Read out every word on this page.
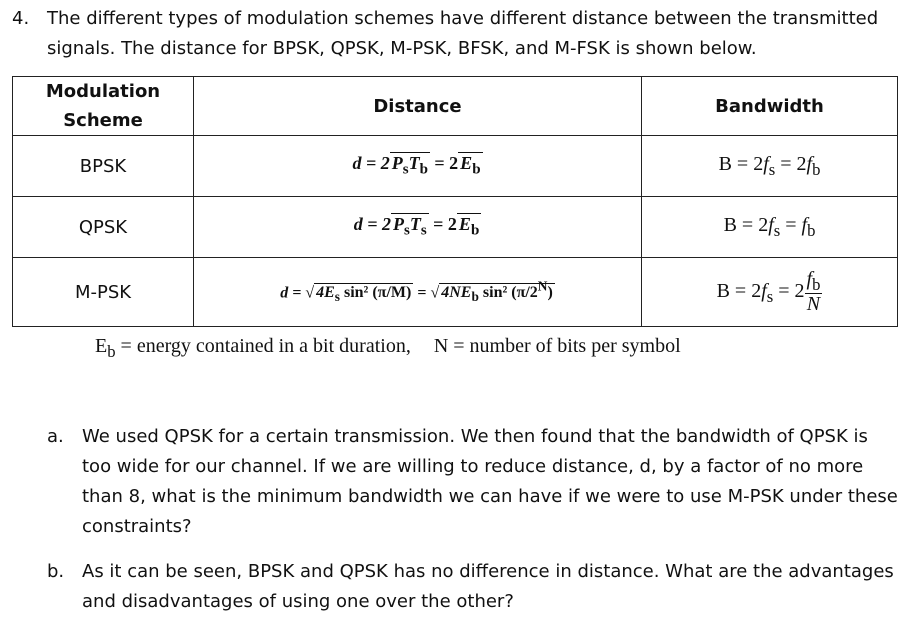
4. The different types of modulation schemes have different distance between the transmitted
signals. The distance for BPSK, QPSK, M-PSK, BFSK, and M-FSK is shown below.
Modulation
Scheme	Distance	Bandwidth
BPSK	d = 2 $P_sT_b = 2$ $E_b$	$B = 2f_s = 2f_b$
QPSK	d = 2 $P_sT_s = 2$ $E_b$	$B = 2f_s = f_b$
M-PSK	d = √ $4E_s$ sin² (π/M) = √ $4NE_b$ sin² $(\pi/2^N)$	$B = 2f_s = 2 \frac{f_b}{N}$
$E_b$ = energy contained in a bit duration, N = number of bits per symbol
a. We used QPSK for a certain transmission. We then found that the bandwidth of QPSK is
too wide for our channel. If we are willing to reduce distance, d, by a factor of no more
than 8, what is the minimum bandwidth we can have if we were to use M-PSK under these
constraints?
b. As it can be seen, BPSK and QPSK has no difference in distance. What are the advantages
and disadvantages of using one over the other?
